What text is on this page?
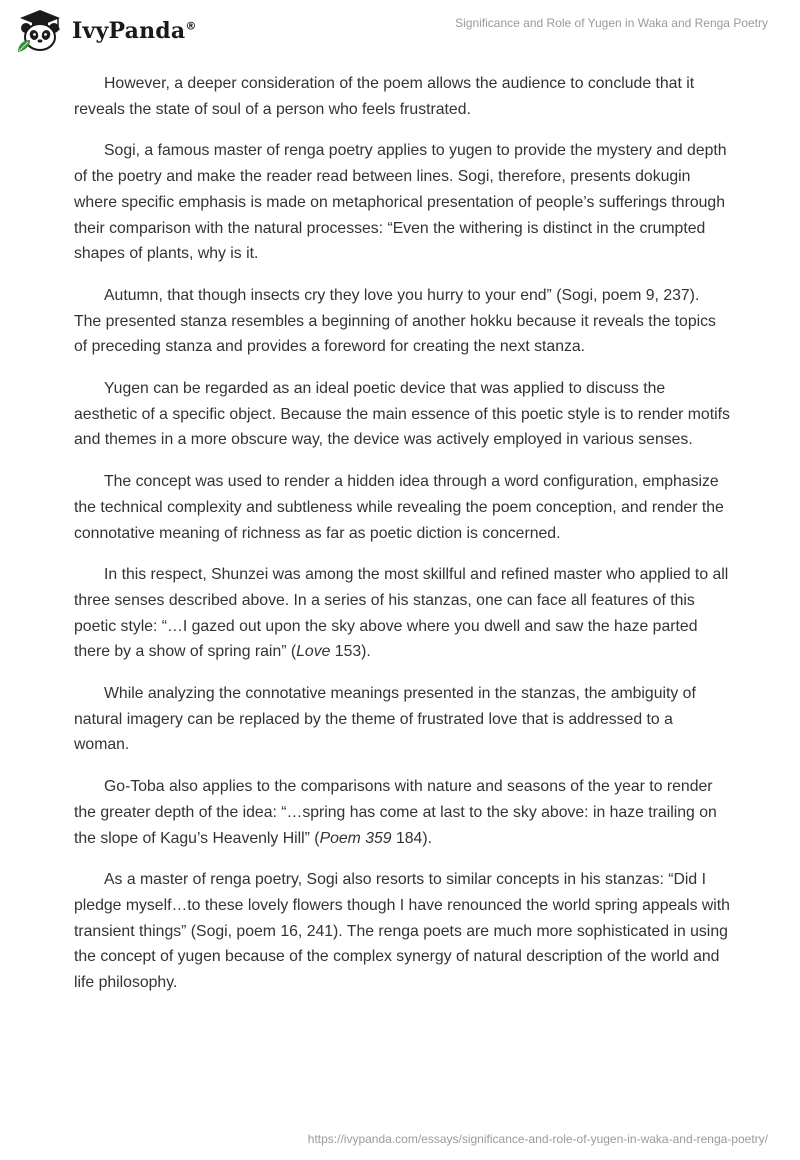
IvyPanda®	Significance and Role of Yugen in Waka and Renga Poetry

However, a deeper consideration of the poem allows the audience to conclude that it reveals the state of soul of a person who feels frustrated.

Sogi, a famous master of renga poetry applies to yugen to provide the mystery and depth of the poetry and make the reader read between lines. Sogi, therefore, presents dokugin where specific emphasis is made on metaphorical presentation of people’s sufferings through their comparison with the natural processes: “Even the withering is distinct in the crumpted shapes of plants, why is it.

Autumn, that though insects cry they love you hurry to your end” (Sogi, poem 9, 237). The presented stanza resembles a beginning of another hokku because it reveals the topics of preceding stanza and provides a foreword for creating the next stanza.

Yugen can be regarded as an ideal poetic device that was applied to discuss the aesthetic of a specific object. Because the main essence of this poetic style is to render motifs and themes in a more obscure way, the device was actively employed in various senses.

The concept was used to render a hidden idea through a word configuration, emphasize the technical complexity and subtleness while revealing the poem conception, and render the connotative meaning of richness as far as poetic diction is concerned.

In this respect, Shunzei was among the most skillful and refined master who applied to all three senses described above. In a series of his stanzas, one can face all features of this poetic style: “…I gazed out upon the sky above where you dwell and saw the haze parted there by a show of spring rain” (Love 153).

While analyzing the connotative meanings presented in the stanzas, the ambiguity of natural imagery can be replaced by the theme of frustrated love that is addressed to a woman.

Go-Toba also applies to the comparisons with nature and seasons of the year to render the greater depth of the idea: “…spring has come at last to the sky above: in haze trailing on the slope of Kagu’s Heavenly Hill” (Poem 359 184).

As a master of renga poetry, Sogi also resorts to similar concepts in his stanzas: “Did I pledge myself…to these lovely flowers though I have renounced the world spring appeals with transient things” (Sogi, poem 16, 241). The renga poets are much more sophisticated in using the concept of yugen because of the complex synergy of natural description of the world and life philosophy.

https://ivypanda.com/essays/significance-and-role-of-yugen-in-waka-and-renga-poetry/
